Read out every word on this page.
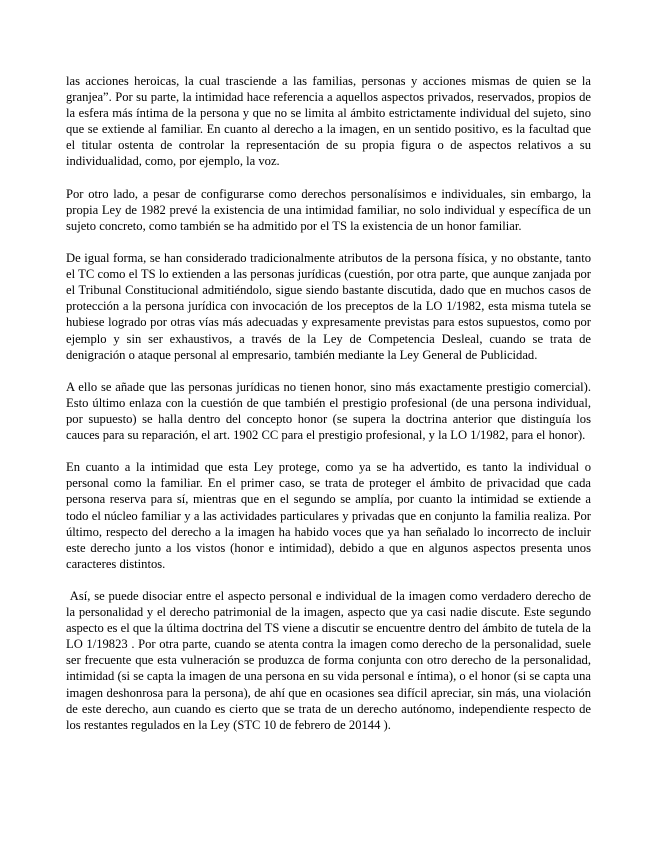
las acciones heroicas, la cual trasciende a las familias, personas y acciones mismas de quien se la granjea”. Por su parte, la intimidad hace referencia a aquellos aspectos privados, reservados, propios de la esfera más íntima de la persona y que no se limita al ámbito estrictamente individual del sujeto, sino que se extiende al familiar. En cuanto al derecho a la imagen, en un sentido positivo, es la facultad que el titular ostenta de controlar la representación de su propia figura o de aspectos relativos a su individualidad, como, por ejemplo, la voz.

Por otro lado, a pesar de configurarse como derechos personalísimos e individuales, sin embargo, la propia Ley de 1982 prevé la existencia de una intimidad familiar, no solo individual y específica de un sujeto concreto, como también se ha admitido por el TS la existencia de un honor familiar.

De igual forma, se han considerado tradicionalmente atributos de la persona física, y no obstante, tanto el TC como el TS lo extienden a las personas jurídicas (cuestión, por otra parte, que aunque zanjada por el Tribunal Constitucional admitiéndolo, sigue siendo bastante discutida, dado que en muchos casos de protección a la persona jurídica con invocación de los preceptos de la LO 1/1982, esta misma tutela se hubiese logrado por otras vías más adecuadas y expresamente previstas para estos supuestos, como por ejemplo y sin ser exhaustivos, a través de la Ley de Competencia Desleal, cuando se trata de denigración o ataque personal al empresario, también mediante la Ley General de Publicidad.

A ello se añade que las personas jurídicas no tienen honor, sino más exactamente prestigio comercial). Esto último enlaza con la cuestión de que también el prestigio profesional (de una persona individual, por supuesto) se halla dentro del concepto honor (se supera la doctrina anterior que distinguía los cauces para su reparación, el art. 1902 CC para el prestigio profesional, y la LO 1/1982, para el honor).

En cuanto a la intimidad que esta Ley protege, como ya se ha advertido, es tanto la individual o personal como la familiar. En el primer caso, se trata de proteger el ámbito de privacidad que cada persona reserva para sí, mientras que en el segundo se amplía, por cuanto la intimidad se extiende a todo el núcleo familiar y a las actividades particulares y privadas que en conjunto la familia realiza. Por último, respecto del derecho a la imagen ha habido voces que ya han señalado lo incorrecto de incluir este derecho junto a los vistos (honor e intimidad), debido a que en algunos aspectos presenta unos caracteres distintos.

Así, se puede disociar entre el aspecto personal e individual de la imagen como verdadero derecho de la personalidad y el derecho patrimonial de la imagen, aspecto que ya casi nadie discute. Este segundo aspecto es el que la última doctrina del TS viene a discutir se encuentre dentro del ámbito de tutela de la LO 1/19823 . Por otra parte, cuando se atenta contra la imagen como derecho de la personalidad, suele ser frecuente que esta vulneración se produzca de forma conjunta con otro derecho de la personalidad, intimidad (si se capta la imagen de una persona en su vida personal e íntima), o el honor (si se capta una imagen deshonrosa para la persona), de ahí que en ocasiones sea difícil apreciar, sin más, una violación de este derecho, aun cuando es cierto que se trata de un derecho autónomo, independiente respecto de los restantes regulados en la Ley (STC 10 de febrero de 20144 ).
